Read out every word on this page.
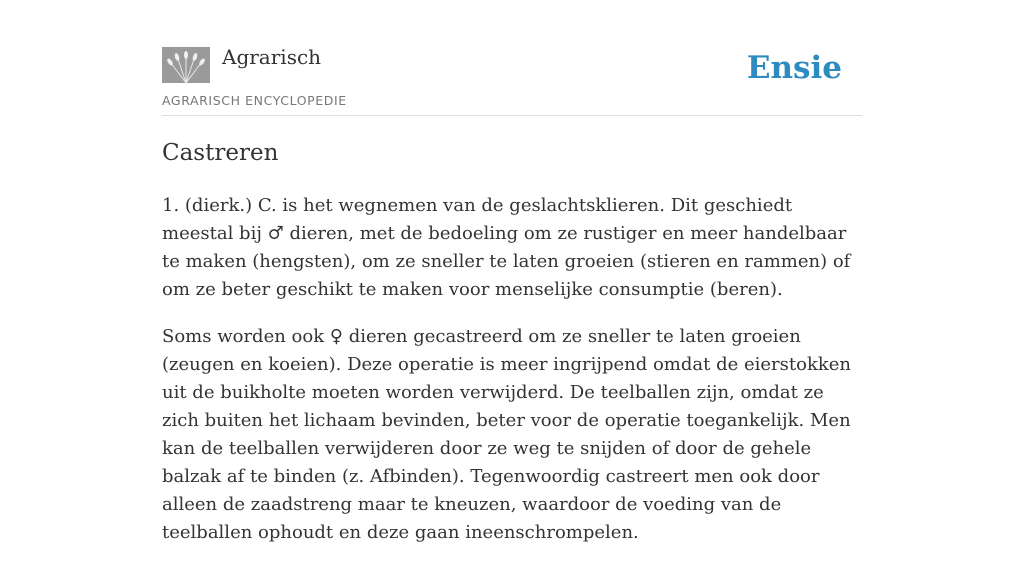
Agrarisch
AGRARISCH ENCYCLOPEDIE
Ensie
Castreren

1. (dierk.) C. is het wegnemen van de geslachtsklieren. Dit geschiedt meestal bij ♂ dieren, met de bedoeling om ze rustiger en meer handelbaar te maken (hengsten), om ze sneller te laten groeien (stieren en rammen) of om ze beter geschikt te maken voor menselijke consumptie (beren).

Soms worden ook ♀ dieren gecastreerd om ze sneller te laten groeien (zeugen en koeien). Deze operatie is meer ingrijpend omdat de eierstokken uit de buikholte moeten worden verwijderd. De teelballen zijn, omdat ze zich buiten het lichaam bevinden, beter voor de operatie toegankelijk. Men kan de teelballen verwijderen door ze weg te snijden of door de gehele balzak af te binden (z. Afbinden). Tegenwoordig castreert men ook door alleen de zaadstreng maar te kneuzen, waardoor de voeding van de teelballen ophoudt en deze gaan ineenschrompelen.
